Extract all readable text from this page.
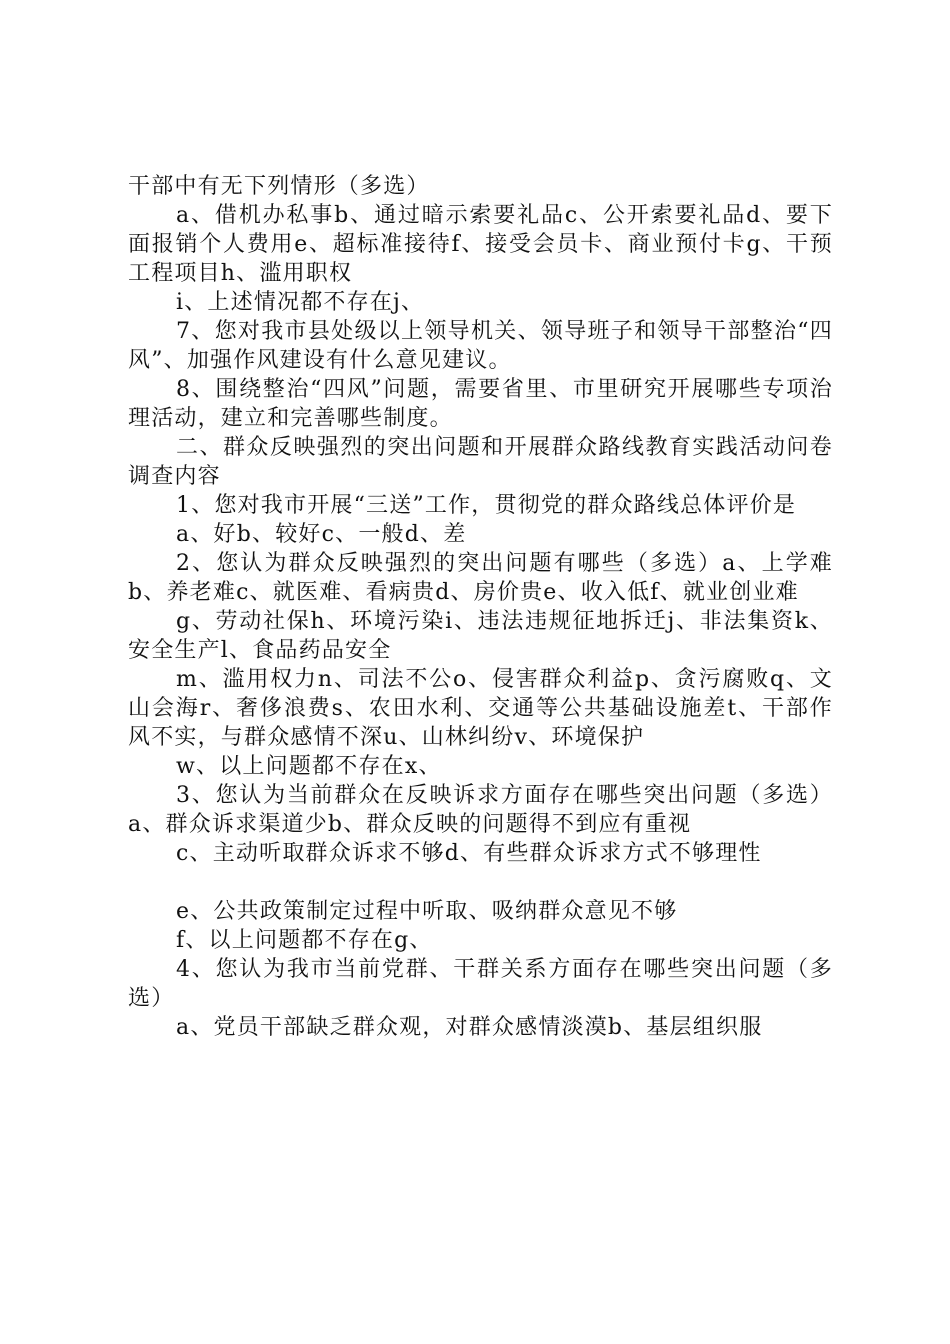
干部中有无下列情形（多选）

a、借机办私事b、通过暗示索要礼品c、公开索要礼品d、要下面报销个人费用e、超标准接待f、接受会员卡、商业预付卡g、干预工程项目h、滥用职权

i、上述情况都不存在j、

7、您对我市县处级以上领导机关、领导班子和领导干部整治“四风”、加强作风建设有什么意见建议。

8、围绕整治“四风”问题，需要省里、市里研究开展哪些专项治理活动，建立和完善哪些制度。

二、群众反映强烈的突出问题和开展群众路线教育实践活动问卷调查内容

1、您对我市开展“三送”工作，贯彻党的群众路线总体评价是

a、好b、较好c、一般d、差

2、您认为群众反映强烈的突出问题有哪些（多选）a、上学难b、养老难c、就医难、看病贵d、房价贵e、收入低f、就业创业难

g、劳动社保h、环境污染i、违法违规征地拆迁j、非法集资k、安全生产l、食品药品安全

m、滥用权力n、司法不公o、侵害群众利益p、贪污腐败q、文山会海r、奢侈浪费s、农田水利、交通等公共基础设施差t、干部作风不实，与群众感情不深u、山林纠纷v、环境保护

w、以上问题都不存在x、

3、您认为当前群众在反映诉求方面存在哪些突出问题（多选）a、群众诉求渠道少b、群众反映的问题得不到应有重视

c、主动听取群众诉求不够d、有些群众诉求方式不够理性

e、公共政策制定过程中听取、吸纳群众意见不够

f、以上问题都不存在g、

4、您认为我市当前党群、干群关系方面存在哪些突出问题（多选）

a、党员干部缺乏群众观，对群众感情淡漠b、基层组织服
